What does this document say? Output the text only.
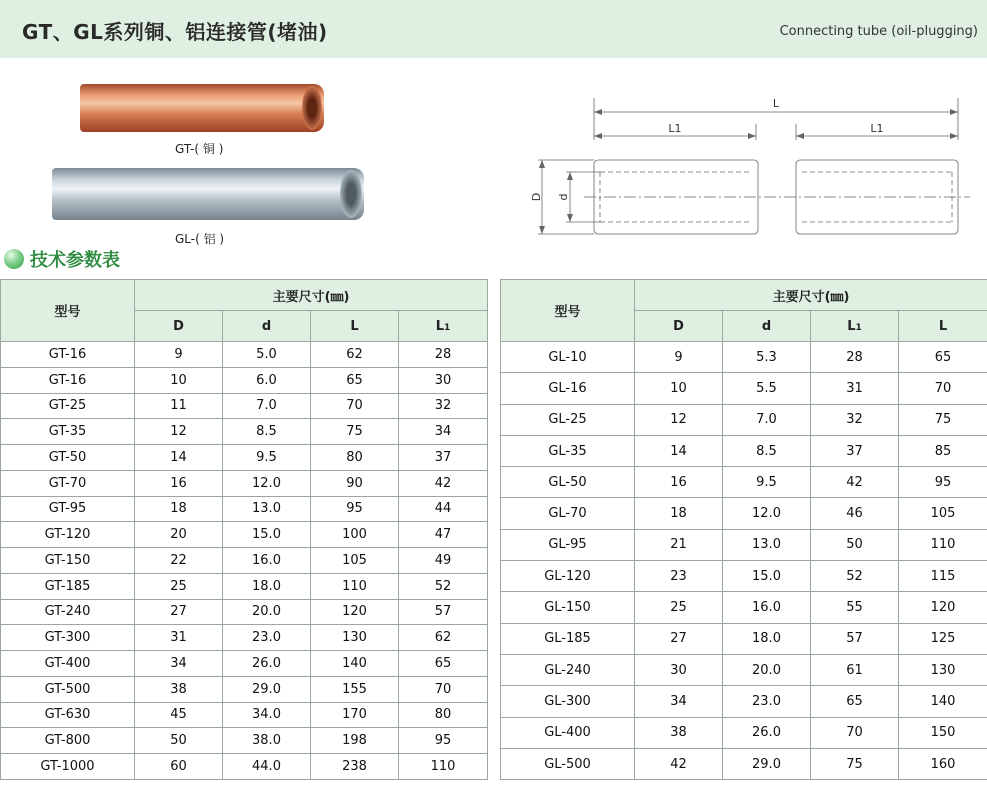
GT、GL系列铜、铝连接管(堵油)	Connecting tube (oil-plugging)
GT-( 铜 )
GL-( 铝 )
L
L1	L1
D d
技术参数表
型号	主要尺寸(㎜)			
	D	d	L	L1
GT-16	9	5.0	62	28
GT-16	10	6.0	65	30
GT-25	11	7.0	70	32
GT-35	12	8.5	75	34
GT-50	14	9.5	80	37
GT-70	16	12.0	90	42
GT-95	18	13.0	95	44
GT-120	20	15.0	100	47
GT-150	22	16.0	105	49
GT-185	25	18.0	110	52
GT-240	27	20.0	120	57
GT-300	31	23.0	130	62
GT-400	34	26.0	140	65
GT-500	38	29.0	155	70
GT-630	45	34.0	170	80
GT-800	50	38.0	198	95
GT-1000	60	44.0	238	110
型号	主要尺寸(㎜)			
	D	d	L1	L
GL-10	9	5.3	28	65
GL-16	10	5.5	31	70
GL-25	12	7.0	32	75
GL-35	14	8.5	37	85
GL-50	16	9.5	42	95
GL-70	18	12.0	46	105
GL-95	21	13.0	50	110
GL-120	23	15.0	52	115
GL-150	25	16.0	55	120
GL-185	27	18.0	57	125
GL-240	30	20.0	61	130
GL-300	34	23.0	65	140
GL-400	38	26.0	70	150
GL-500	42	29.0	75	160
